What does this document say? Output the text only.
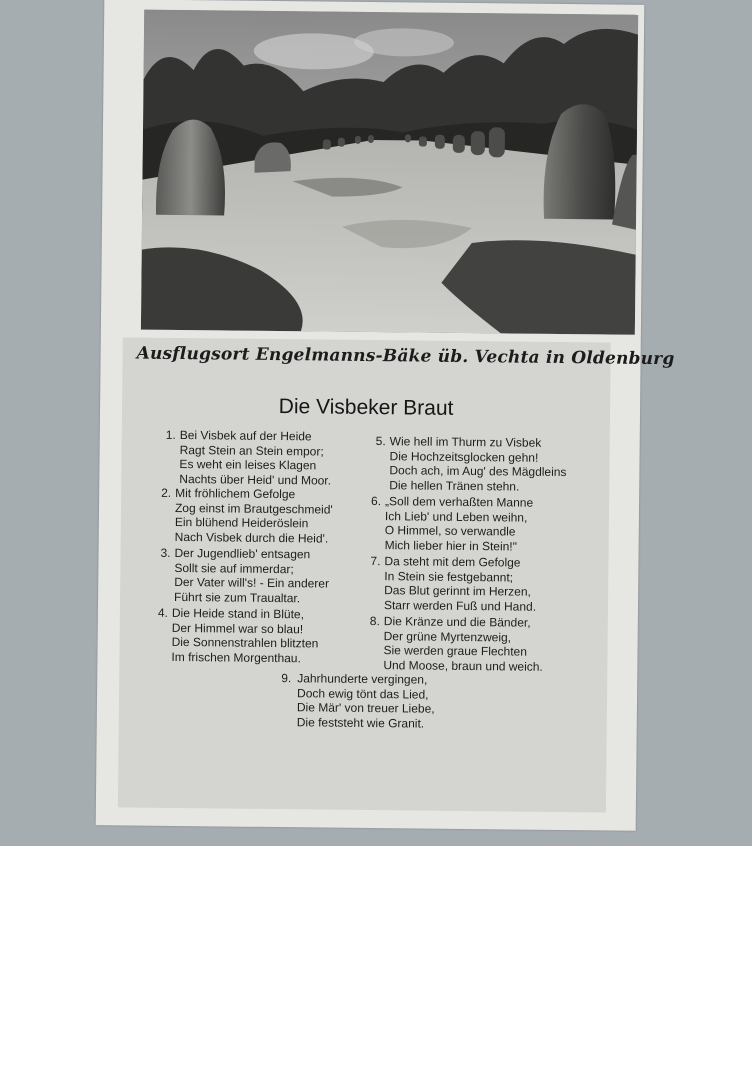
Ausflugsort Engelmanns-Bäke üb. Vechta in Oldenburg
Die Visbeker Braut
1. Bei Visbek auf der Heide
Ragt Stein an Stein empor;
Es weht ein leises Klagen
Nachts über Heid' und Moor.
2. Mit fröhlichem Gefolge
Zog einst im Brautgeschmeid'
Ein blühend Heideröslein
Nach Visbek durch die Heid'.
3. Der Jugendlieb' entsagen
Sollt sie auf immerdar;
Der Vater will's! - Ein anderer
Führt sie zum Traualtar.
4. Die Heide stand in Blüte,
Der Himmel war so blau!
Die Sonnenstrahlen blitzten
Im frischen Morgenthau.
5. Wie hell im Thurm zu Visbek
Die Hochzeitsglocken gehn!
Doch ach, im Aug' des Mägdleins
Die hellen Tränen stehn.
6. „Soll dem verhaßten Manne
Ich Lieb' und Leben weihn,
O Himmel, so verwandle
Mich lieber hier in Stein!"
7. Da steht mit dem Gefolge
In Stein sie festgebannt;
Das Blut gerinnt im Herzen,
Starr werden Fuß und Hand.
8. Die Kränze und die Bänder,
Der grüne Myrtenzweig,
Sie werden graue Flechten
Und Moose, braun und weich.
9. Jahrhunderte vergingen,
Doch ewig tönt das Lied,
Die Mär' von treuer Liebe,
Die feststeht wie Granit.
